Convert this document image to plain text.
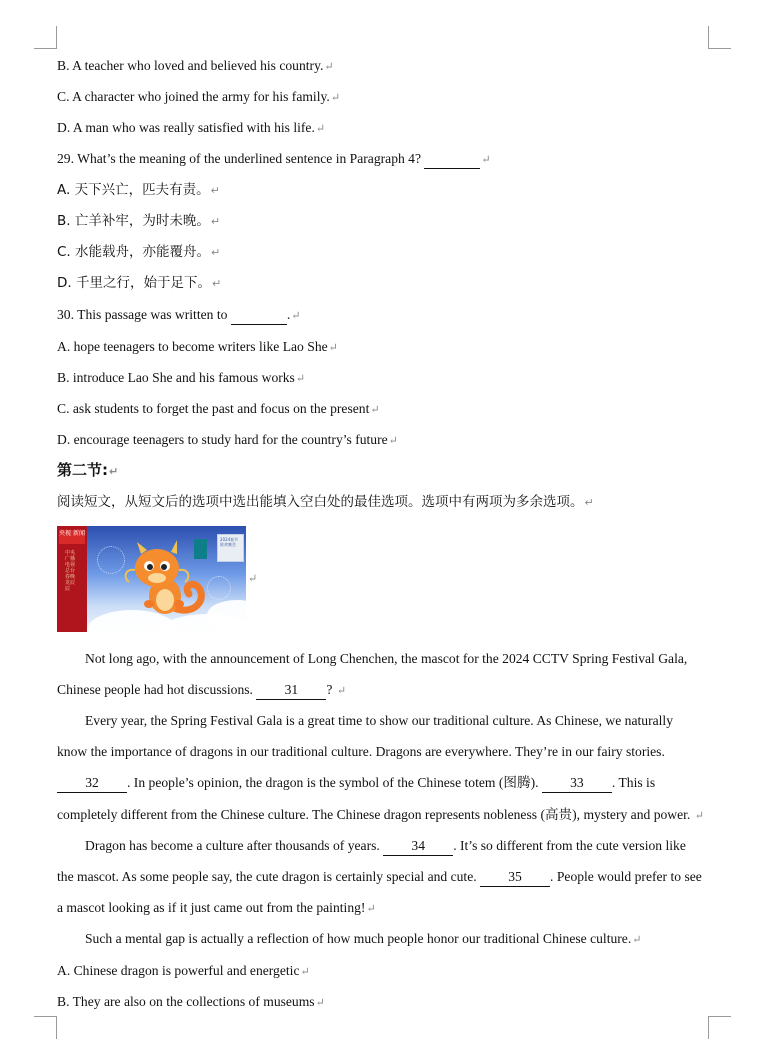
B. A teacher who loved and believed his country.↵
C. A character who joined the army for his family.↵
D. A man who was really satisfied with his life.↵
29. What’s the meaning of the underlined sentence in Paragraph 4?	↵
A. 天下兴亡，匹夫有责。↵
B. 亡羊补牢，为时未晚。↵
C. 水能载舟，亦能覆舟。↵
D. 千里之行，始于足下。↵
30. This passage was written to	.↵
A. hope teenagers to become writers like Lao She↵
B. introduce Lao She and his famous works↵
C. ask students to forget the past and focus on the present↵
D. encourage teenagers to study hard for the country’s future↵
第二节:↵
阅读短文，从短文后的选项中选出能填入空白处的最佳选项。选项中有两项为多余选项。↵
央视 新闻
中央广播电视总台春晚 龙辰辰
2024春节联欢晚会
↵
Not long ago, with the announcement of Long Chenchen, the mascot for the 2024 CCTV Spring Festival Gala,
Chinese people had hot discussions. 31 ? ↵
Every year, the Spring Festival Gala is a great time to show our traditional culture. As Chinese, we naturally
know the importance of dragons in our traditional culture. Dragons are everywhere. They’re in our fairy stories.
32 . In people’s opinion, the dragon is the symbol of the Chinese totem (图腾). 33 . This is
completely different from the Chinese culture. The Chinese dragon represents nobleness (高贵), mystery and power. ↵
Dragon has become a culture after thousands of years. 34 . It’s so different from the cute version like
the mascot. As some people say, the cute dragon is certainly special and cute. 35 . People would prefer to see
a mascot looking as if it just came out from the painting!↵
Such a mental gap is actually a reflection of how much people honor our traditional Chinese culture.↵
A. Chinese dragon is powerful and energetic↵
B. They are also on the collections of museums↵
